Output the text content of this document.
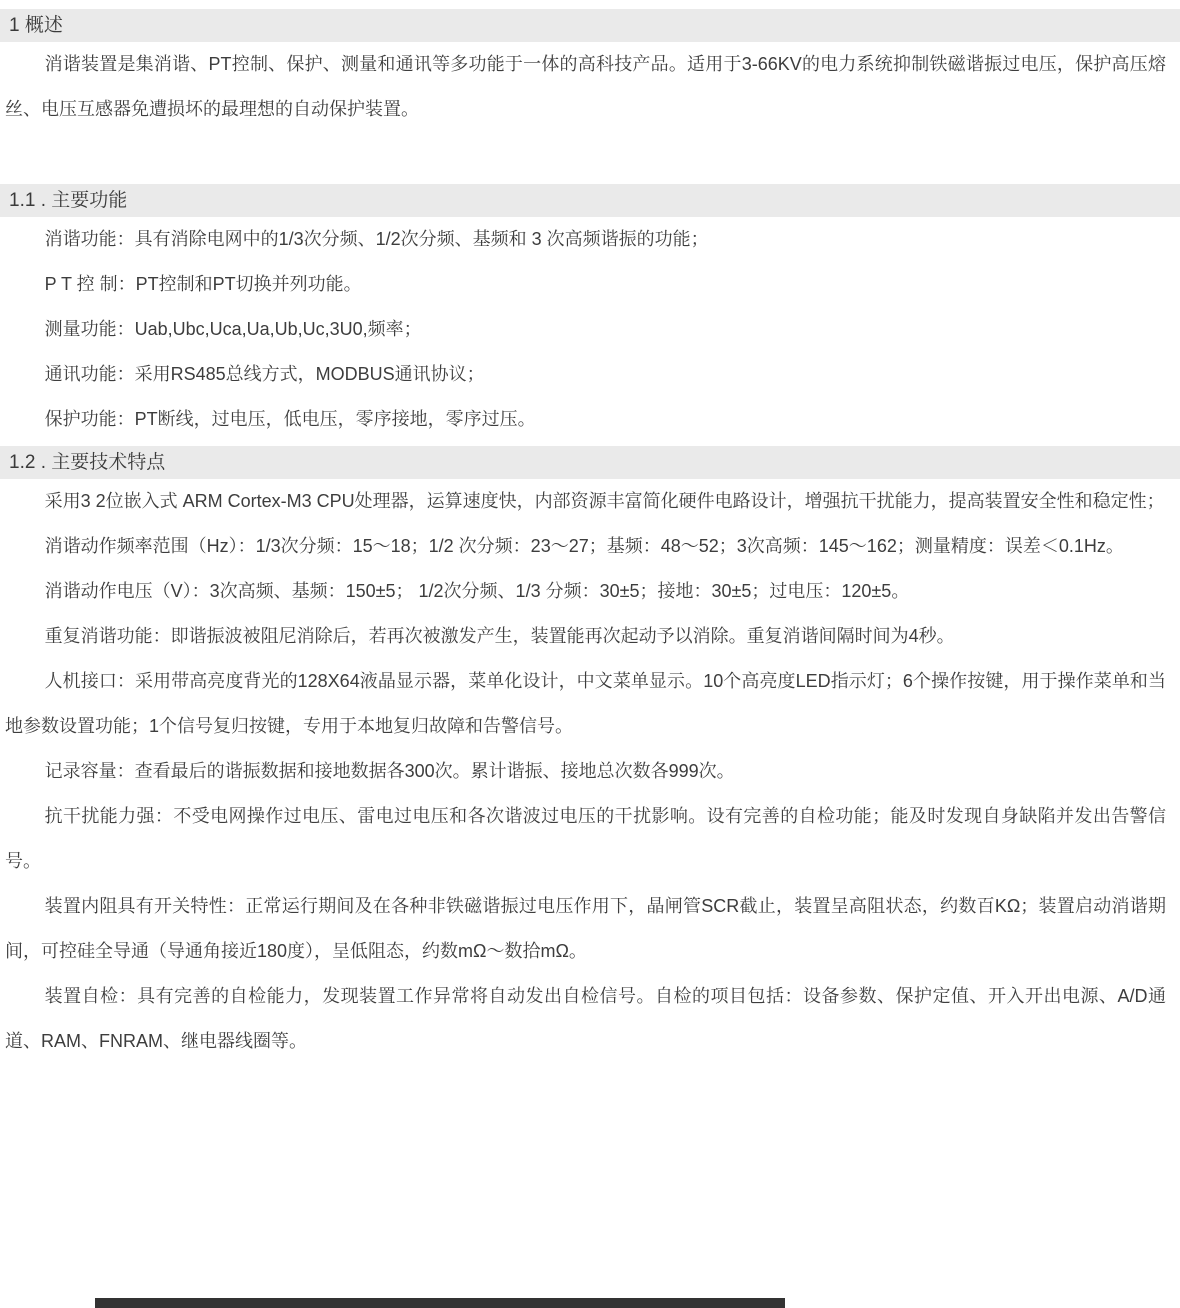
1 概述

消谐装置是集消谐、PT控制、保护、测量和通讯等多功能于一体的高科技产品。适用于3-66KV的电力系统抑制铁磁谐振过电压，保护高压熔丝、电压互感器免遭损坏的最理想的自动保护装置。

1.1 . 主要功能

消谐功能：具有消除电网中的1/3次分频、1/2次分频、基频和 3 次高频谐振的功能；

P T 控 制：PT控制和PT切换并列功能。

测量功能：Uab,Ubc,Uca,Ua,Ub,Uc,3U0,频率；

通讯功能：采用RS485总线方式，MODBUS通讯协议；

保护功能：PT断线，过电压，低电压，零序接地，零序过压。

1.2 . 主要技术特点

采用3 2位嵌入式 ARM Cortex-M3 CPU处理器，运算速度快，内部资源丰富简化硬件电路设计，增强抗干扰能力，提高装置安全性和稳定性；

消谐动作频率范围（Hz）：1/3次分频：15～18；1/2 次分频：23～27；基频：48～52；3次高频：145～162；测量精度：误差＜0.1Hz。

消谐动作电压（V）：3次高频、基频：150±5； 1/2次分频、1/3 分频：30±5；接地：30±5；过电压：120±5。

重复消谐功能：即谐振波被阻尼消除后，若再次被激发产生，装置能再次起动予以消除。重复消谐间隔时间为4秒。

人机接口：采用带高亮度背光的128X64液晶显示器，菜单化设计，中文菜单显示。10个高亮度LED指示灯；6个操作按键，用于操作菜单和当地参数设置功能；1个信号复归按键，专用于本地复归故障和告警信号。

记录容量：查看最后的谐振数据和接地数据各300次。累计谐振、接地总次数各999次。

抗干扰能力强：不受电网操作过电压、雷电过电压和各次谐波过电压的干扰影响。设有完善的自检功能；能及时发现自身缺陷并发出告警信号。

装置内阻具有开关特性：正常运行期间及在各种非铁磁谐振过电压作用下，晶闸管SCR截止，装置呈高阻状态，约数百KΩ；装置启动消谐期间，可控硅全导通（导通角接近180度），呈低阻态，约数mΩ～数拾mΩ。

装置自检：具有完善的自检能力，发现装置工作异常将自动发出自检信号。自检的项目包括：设备参数、保护定值、开入开出电源、A/D通道、RAM、FNRAM、继电器线圈等。
